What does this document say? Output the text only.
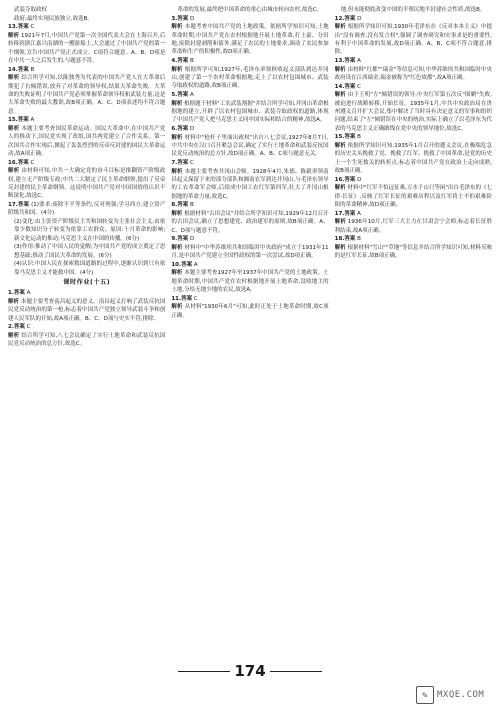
武装夺取政权

政府;最终实现民族独立,故选B。

13.答案 C

解析 1921年7月,中国共产党第一次全国代表大会在上海召开,后转移到浙江嘉兴南湖的一艘游船上,大会通过了中国共产党的第一个纲领,宣告中国共产党正式成立。C项符合题意。A、B、D项是在中共一大之后发生的,与题意不符。

14.答案 B

解析 结合所学可知,以陈独秀为代表的中国共产党人在大革命后期犯了右倾错误,放弃了对革命的领导权,结果大革命失败。大革命的失败证明了中国共产党必须掌握革命领导权和武装力量,这是大革命失败的最大教训,故B项正确。A、C、D项表述均不符合题意。

15.答案 A

解析 本题主要考查国民革命运动。国民大革命中,在中国共产党人的推动下,国民党实现了改组,国共两党建立了合作关系。第一次国共合作实现后,掀起了轰轰烈烈的反帝反封建的国民大革命运动,故A项正确。

16.答案 C

解析 由材料可知,中共一大确定党的奋斗目标是推翻资产阶级政权,建立无产阶级专政;中共二大制定了民主革命纲领,提出了反帝反封建的民主革命纲领。这说明中国共产党对中国国情的认识不断深化,故选C。

17.答案 (1)要求:废除不平等条约,反对列强;学习西方,建立资产阶级共和国。(4分)

(2)变化:由主张资产阶级民主共和国转变为主张社会主义;由依靠少数知识分子转变为依靠工农群众。原因:十月革命的影响;新文化运动的推动;马克思主义在中国的传播。(6分)

(3)作用:推动了中国人民的觉醒;为中国共产党的成立奠定了思想基础;推动了国民大革命的发展。(6分)

(4)认识:中国人民在探索救国道路的过程中,逐渐认识到只有依靠马克思主义才能救中国。(4分)

课时作业(十五)

1.答案 A

解析 本题主要考查南昌起义的意义。南昌起义打响了武装反抗国民党反动统治的第一枪,标志着中国共产党独立领导武装斗争和创建人民军队的开始,故A项正确。B、C、D项与史实不符,排除。

2.答案 C

解析 结合所学可知,八七会议确定了实行土地革命和武装反抗国民党反动统治的总方针,故选C。

革命的发展,最终把中国革命的重心由城市转向农村,故选C。

3.答案 D

解析 本题考查中国共产党的土地政策。依据所学知识可知,土地革命时期,中国共产党在农村根据地开展土地革命,打土豪、分田地,废除封建剥削和债务,满足了农民的土地要求,调动了农民参加革命和生产的积极性,故D项正确。

4.答案 B

解析 根据所学可知,1927年,毛泽东率领秋收起义部队到达井冈山,创建了第一个农村革命根据地,走上了以农村包围城市、武装夺取政权的道路,故B项正确。

5.答案 A

解析 根据题干材料"工农武装割据"并结合所学可知,井冈山革命根据地的建立,开辟了以农村包围城市、武装夺取政权的道路,体现了中国共产党人把马克思主义同中国实际相结合的精神,故选A。

6.答案 D

解析 材料中"枪杆子里面出政权"出自八七会议,1927年8月7日,中共中央在汉口召开紧急会议,确定了实行土地革命和武装反抗国民党反动统治的总方针,故D项正确。A、B、C项与题意无关。

7.答案 C

解析 本题主要考查井冈山会师。1928年4月,朱德、陈毅率领南昌起义保留下来的部分部队和湘南农军到达井冈山,与毛泽东领导的工农革命军会师,后组成中国工农红军第四军,壮大了井冈山根据地的革命力量,故选C。

8.答案 B

解析 根据材料"古田会议"并结合所学知识可知,1929年12月召开的古田会议,确立了思想建党、政治建军的原则,故B项正确。A、C、D项与题意不符。

9.答案 D

解析 材料中"中华苏维埃共和国临时中央政府"成立于1931年11月,是中国共产党建立全国性政权的第一次尝试,故D项正确。

10.答案 A

解析 本题主要考查1927年至1937年中国共产党的土地政策。土地革命时期,中国共产党在农村根据地开展土地革命,没收地主的土地,分给无地少地的农民,故选A。

11.答案 C

解析 从材料"1930年6月"可知,此时正处于土地革命时期,故C项正确。

地,但未能彻底改变中国的半殖民地半封建社会性质,故选B。

12.答案 D

解析 根据所学知识可知,1930年毛泽东在《反对本本主义》中提出"没有调查,没有发言权",强调了调查研究和实事求是的重要性,有利于中国革命的发展,故D项正确。A、B、C项不符合题意,排除。

13.答案 A

解析 由材料"红都""瑞金"等信息可知,中华苏维埃共和国临时中央政府设在江西瑞金,瑞金被称为"红色故都",故A项正确。

14.答案 C

解析 由于王明"左"倾错误的领导,中央红军第五次反"围剿"失败,被迫进行战略转移,开始长征。1935年1月,中共中央政治局在贵州遵义召开扩大会议,集中解决了当时具有决定意义的军事和组织问题,结束了"左"倾错误在中央的统治,实际上确立了以毛泽东为代表的马克思主义正确路线在党中央的领导地位,故选C。

15.答案 B

解析 依据所学知识可知,1935年1月召开的遵义会议,在极端危急的历史关头挽救了党、挽救了红军、挽救了中国革命,是党的历史上一个生死攸关的转折点,标志着中国共产党在政治上走向成熟,故B项正确。

16.答案 D

解析 材料中"红军不怕远征难,万水千山只等闲"出自毛泽东的《七律·长征》,反映了红军长征的艰难历程以及红军将士不怕艰难险阻的革命精神,故D项正确。

17.答案 A

解析 1936年10月,红军三大主力在甘肃会宁会师,标志着长征胜利结束,故A项正确。

18.答案 B

解析 根据材料"雪山""草地"等信息并结合所学知识可知,材料反映的是红军长征,故B项正确。

174
✎ MXQE.COM
